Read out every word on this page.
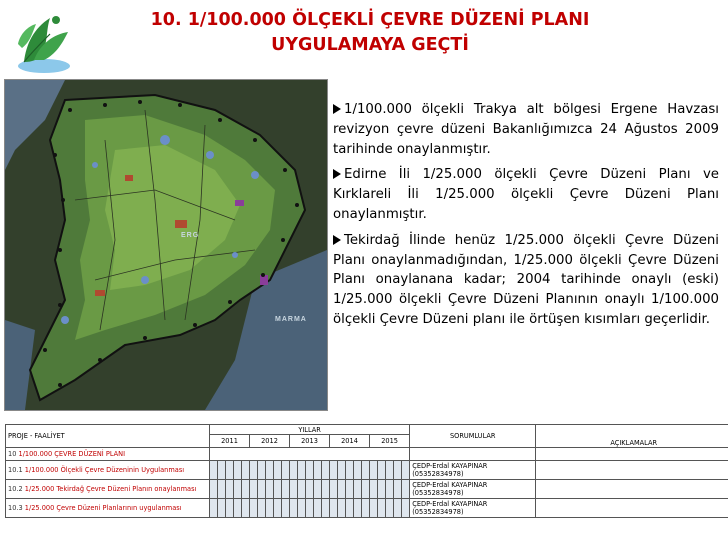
10. 1/100.000 ÖLÇEKLİ ÇEVRE DÜZENİ PLANI
UYGULAMAYA GEÇTİ
ERG
MARMA

1/100.000 ölçekli Trakya alt bölgesi Ergene Havzası revizyon çevre düzeni Bakanlığımızca 24 Ağustos 2009 tarihinde onaylanmıştır.

Edirne İli 1/25.000 ölçekli Çevre Düzeni Planı ve Kırklareli İli 1/25.000 ölçekli Çevre Düzeni Planı onaylanmıştır.

Tekirdağ İlinde henüz 1/25.000 ölçekli Çevre Düzeni Planı onaylanmadığından, 1/25.000 ölçekli Çevre Düzeni Planı onaylanana kadar; 2004 tarihinde onaylı (eski) 1/25.000 ölçekli Çevre Düzeni Planının onaylı 1/100.000 ölçekli Çevre Düzeni planı ile örtüşen kısımları geçerlidir.

PROJE - FAALİYET	YILLAR																									SORUMLULAR	AÇIKLAMALAR
	2011					2012					2013					2014					2015						
10 1/100.000 ÇEVRE DÜZENİ PLANI																											
10.1 1/100.000 Ölçekli Çevre Düzeninin Uygulanması																										ÇEDP-Erdal KAYAPINAR
(05352834978)	
10.2 1/25.000 Tekirdağ Çevre Düzeni Planın onaylanması																										ÇEDP-Erdal KAYAPINAR
(05352834978)	
10.3 1/25.000 Çevre Düzeni Planlarının uygulanması																										ÇEDP-Erdal KAYAPINAR
(05352834978)	
